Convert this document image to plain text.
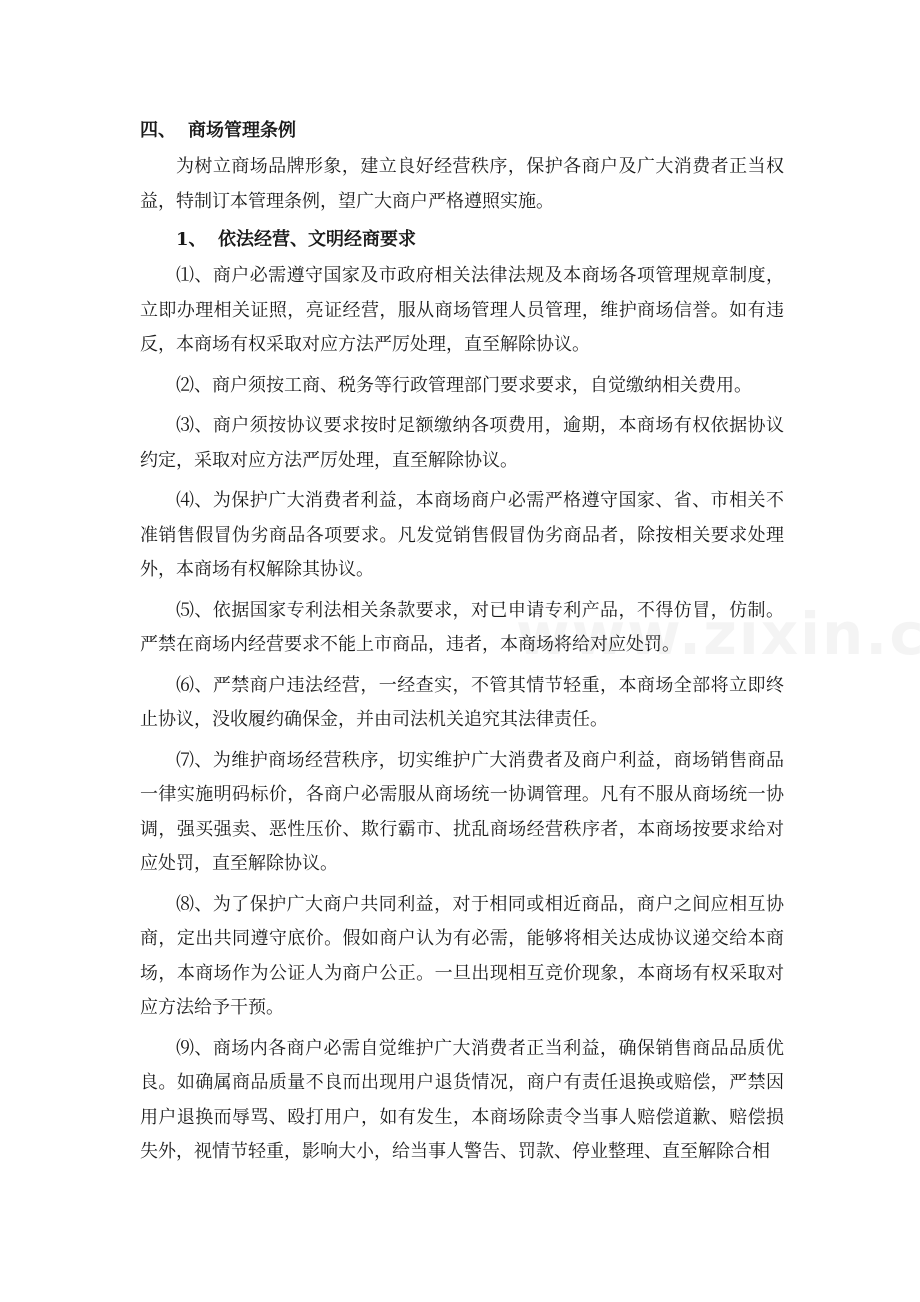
四、 商场管理条例

为树立商场品牌形象，建立良好经营秩序，保护各商户及广大消费者正当权益，特制订本管理条例，望广大商户严格遵照实施。

1、 依法经营、文明经商要求

⑴、商户必需遵守国家及市政府相关法律法规及本商场各项管理规章制度，立即办理相关证照，亮证经营，服从商场管理人员管理，维护商场信誉。如有违反，本商场有权采取对应方法严厉处理，直至解除协议。

⑵、商户须按工商、税务等行政管理部门要求要求，自觉缴纳相关费用。

⑶、商户须按协议要求按时足额缴纳各项费用，逾期，本商场有权依据协议约定，采取对应方法严厉处理，直至解除协议。

⑷、为保护广大消费者利益，本商场商户必需严格遵守国家、省、市相关不准销售假冒伪劣商品各项要求。凡发觉销售假冒伪劣商品者，除按相关要求处理外，本商场有权解除其协议。

⑸、依据国家专利法相关条款要求，对已申请专利产品，不得仿冒，仿制。严禁在商场内经营要求不能上市商品，违者，本商场将给对应处罚。

⑹、严禁商户违法经营，一经查实，不管其情节轻重，本商场全部将立即终止协议，没收履约确保金，并由司法机关追究其法律责任。

⑺、为维护商场经营秩序，切实维护广大消费者及商户利益，商场销售商品一律实施明码标价，各商户必需服从商场统一协调管理。凡有不服从商场统一协调，强买强卖、恶性压价、欺行霸市、扰乱商场经营秩序者，本商场按要求给对应处罚，直至解除协议。

⑻、为了保护广大商户共同利益，对于相同或相近商品，商户之间应相互协商，定出共同遵守底价。假如商户认为有必需，能够将相关达成协议递交给本商场，本商场作为公证人为商户公正。一旦出现相互竞价现象，本商场有权采取对应方法给予干预。

⑼、商场内各商户必需自觉维护广大消费者正当利益，确保销售商品品质优良。如确属商品质量不良而出现用户退货情况，商户有责任退换或赔偿，严禁因用户退换而辱骂、殴打用户，如有发生，本商场除责令当事人赔偿道歉、赔偿损失外，视情节轻重，影响大小，给当事人警告、罚款、停业整理、直至解除合相
